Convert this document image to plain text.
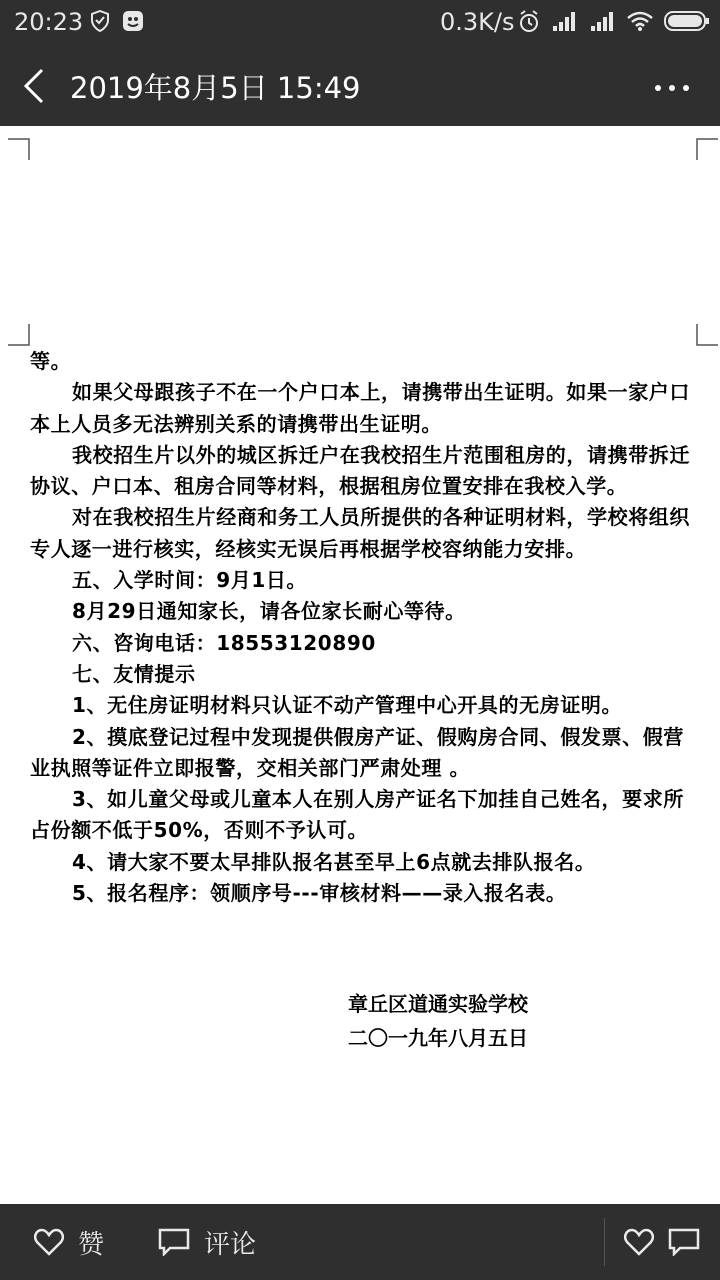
20:23	0.3K/s
2019年8月5日 15:49

等。

如果父母跟孩子不在一个户口本上，请携带出生证明。如果一家户口本上人员多无法辨别关系的请携带出生证明。

我校招生片以外的城区拆迁户在我校招生片范围租房的，请携带拆迁协议、户口本、租房合同等材料，根据租房位置安排在我校入学。

对在我校招生片经商和务工人员所提供的各种证明材料，学校将组织专人逐一进行核实，经核实无误后再根据学校容纳能力安排。

五、入学时间：9月1日。

8月29日通知家长，请各位家长耐心等待。

六、咨询电话：18553120890

七、友情提示

1、无住房证明材料只认证不动产管理中心开具的无房证明。

2、摸底登记过程中发现提供假房产证、假购房合同、假发票、假营业执照等证件立即报警，交相关部门严肃处理 。

3、如儿童父母或儿童本人在别人房产证名下加挂自己姓名，要求所占份额不低于50%，否则不予认可。

4、请大家不要太早排队报名甚至早上6点就去排队报名。

5、报名程序：领顺序号---审核材料——录入报名表。

章丘区道通实验学校
二〇一九年八月五日
赞	评论
